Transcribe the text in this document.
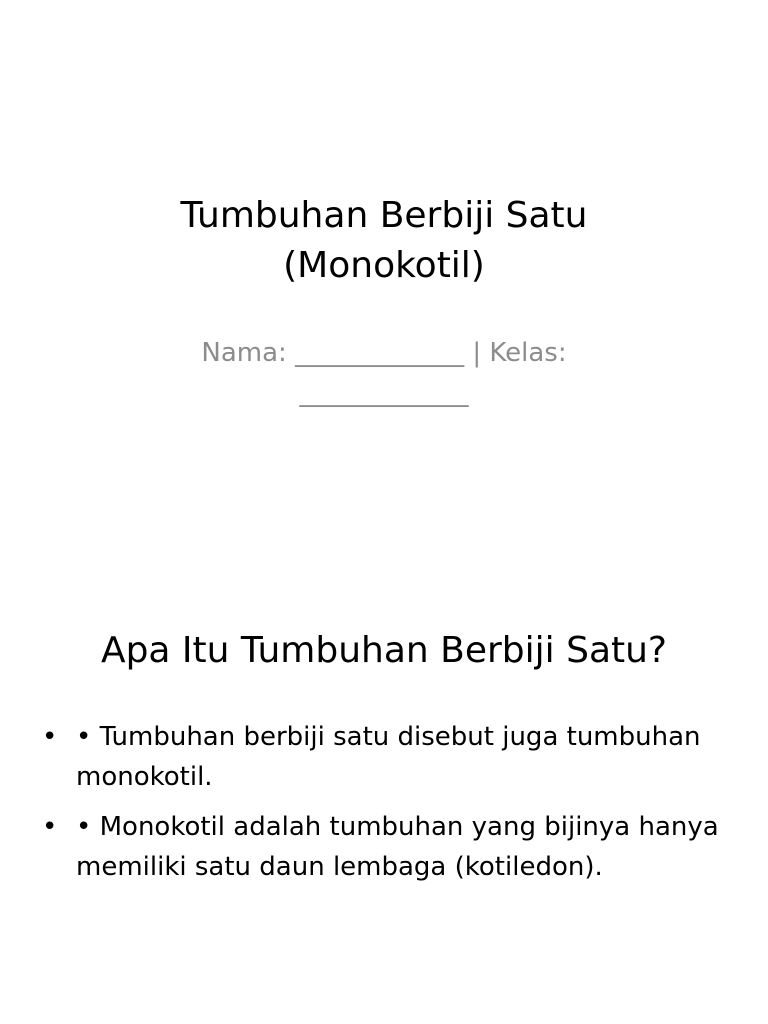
Tumbuhan Berbiji Satu
(Monokotil)
Nama: _____________ | Kelas:
_____________
Apa Itu Tumbuhan Berbiji Satu?
• • Tumbuhan berbiji satu disebut juga tumbuhan monokotil.
• • Monokotil adalah tumbuhan yang bijinya hanya memiliki satu daun lembaga (kotiledon).
